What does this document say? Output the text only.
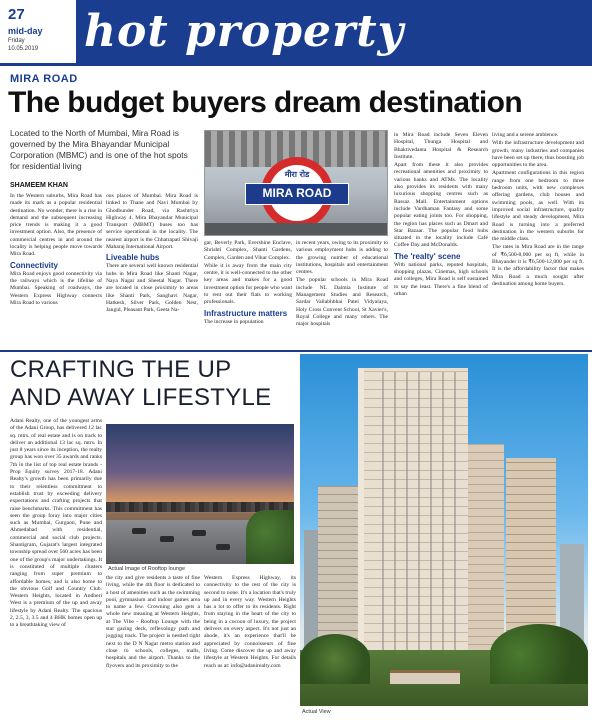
27
mid-day
Friday
10.05.2019 hot property
MIRA ROAD
The budget buyers dream destination
Located to the North of Mumbai, Mira Road is governed by the Mira Bhayandar Municipal Corporation (MBMC) and is one of the hot spots for residential living
SHAMEEM KHAN

In the Western suburbs, Mira Road has made its mark as a popular residential destination. No wonder, there is a rise in demand and the subsequent increasing price trends is making it a good investment option. Also, the presence of commercial centres in and around the locality is helping people move towards Mira Road.

Connectivity

Mira Road enjoys good connectivity via the railways which is the lifeline of Mumbai. Speaking of roadways, the Western Express Highway connects Mira Road to various

ous places of Mumbai. Mira Road is linked to Thane and Navi Mumbai by Ghodbunder Road, via Rashtriya Highway 4. Mira Bhayandar Municipal Transport (MBMT) buses too has service operational in the locality. The nearest airport is the Chhatrapati Shivaji Maharaj International Airport.

Liveable hubs

There are several well known residential hubs in Mira Road like Shanti Nagar, Naya Nagar and Sheetal Nagar. There are located in close proximity to areas like Shanti Park, Sanghavi Nagar, Hatkesh, Silver Park, Golden Nest, Jangid, Pleasant Park, Geeta Na-

मीरा रोड
MIRA ROAD

gar, Beverly Park, Evershine Enclave, Shrishti Complex, Shanti Gardens, Complex, Garden and Vihar Complex.

While it is away from the main city centre, it is well-connected to the other key areas and makes for a good investment option for people who want to rent out their flats to working professionals.

Infrastructure matters

The increase in population

in recent years, owing to its proximity to various employment hubs is adding to the growing number of educational institutions, hospitals and entertainment centres.

The popular schools in Mira Road include NL Dalmia Institute of Management Studies and Research, Sardar Vallabhbhai Patel Vidyalaya, Holy Cross Convent School, St Xavier's, Royal College and many others. The major hospitals

in Mira Road include Seven Eleven Hospital, Thunga Hospital and Bhaktivedanta Hospital & Research Institute.

Apart from these it also provides recreational amenities and proximity to various banks and ATMs. The locality also provides its residents with many luxurious shopping centres such as Rassaz Mall. Entertainment options include Vardhaman Fantasy and some popular eating joints too. For shopping, the region has places such as Dmart and Star Bazaar. The popular food hubs situated in the locality include Café Coffee Day and McDonalds.

The 'realty' scene

With national parks, reputed hospitals, shopping plazas, Cinemas, high schools and colleges, Mira Road is self sustained to say the least. There's a fine blend of urban

living and a serene ambience.

With the infrastructure development and growth, many industries and companies have been set up there, thus boosting job opportunities to the area.

Apartment configurations in this region range from one bedroom to three bedroom units, with new complexes offering gardens, club houses and swimming pools, as well. With its improved social infrastructure, quality lifestyle and steady development, Mira Road is turning into a preferred destination in the western suburbs for the middle class.

The rates in Mira Road are in the range of ₹6,500-8,000 per sq ft, while in Bhayander it is ₹6,500-12,000 per sq ft. It is the affordability factor that makes Mira Road a much sought after destination among home buyers.

CRAFTING THE UP
AND AWAY LIFESTYLE

Adani Realty, one of the youngest arms of the Adani Group, has delivered 12 lac sq. mtrs. of real estate and is on track to deliver an additional 13 lac sq. mtrs. In just 8 years since its inception, the realty group has won over 35 awards and ranks 7th in the list of top real estate brands - Prop Equity survey 2017-18. Adani Realty's growth has been primarily due to their relentless commitment to establish trust by exceeding delivery expectations and crafting projects that raise benchmarks. This commitment has seen the group foray into major cities such as Mumbai, Gurgaon, Pune and Ahmedabad with residential, commercial and social club projects. Shantigram, Gujarat's largest integrated township spread over 560 acres has been one of the group's major undertakings. It is constituted of multiple clusters ranging from super premium to affordable homes, and is also home to the obvious Golf and Country Club. Western Heights, located in Andheri West is a premium of the up and away lifestyle by Adani Realty. The spacious 2, 2.5, 3, 3.5 and 4 BHK homes open up to a breathtaking view of

Actual Image of Rooftop lounge

the city and give residents a taste of fine living, while the 4th floor is dedicated to a host of amenities such as the swimming pool, gymnasium and indoor games area to name a few. Crowning also gets a whole new meaning at Western Heights, at The Vibe - Rooftop Lounge with the star gazing deck, reflexology path and jogging track. The project is nestled right next to the D N Nagar metro station and close to schools, colleges, malls, hospitals and the airport. Thanks to the flyovers and its proximity to the

Western Express Highway, its connectivity to the rest of the city is second to none. It's a location that's truly up and in every way. Western Heights has a lot to offer to its residents. Right from staying in the heart of the city to being in a cocoon of luxury, the project delivers on every aspect. It's not just an abode, it's an experience that'll be appreciated by connoisseurs of fine living. Come discover the up and away lifestyle at Western Heights. For details reach us at: info@adanirealty.com

Actual View
